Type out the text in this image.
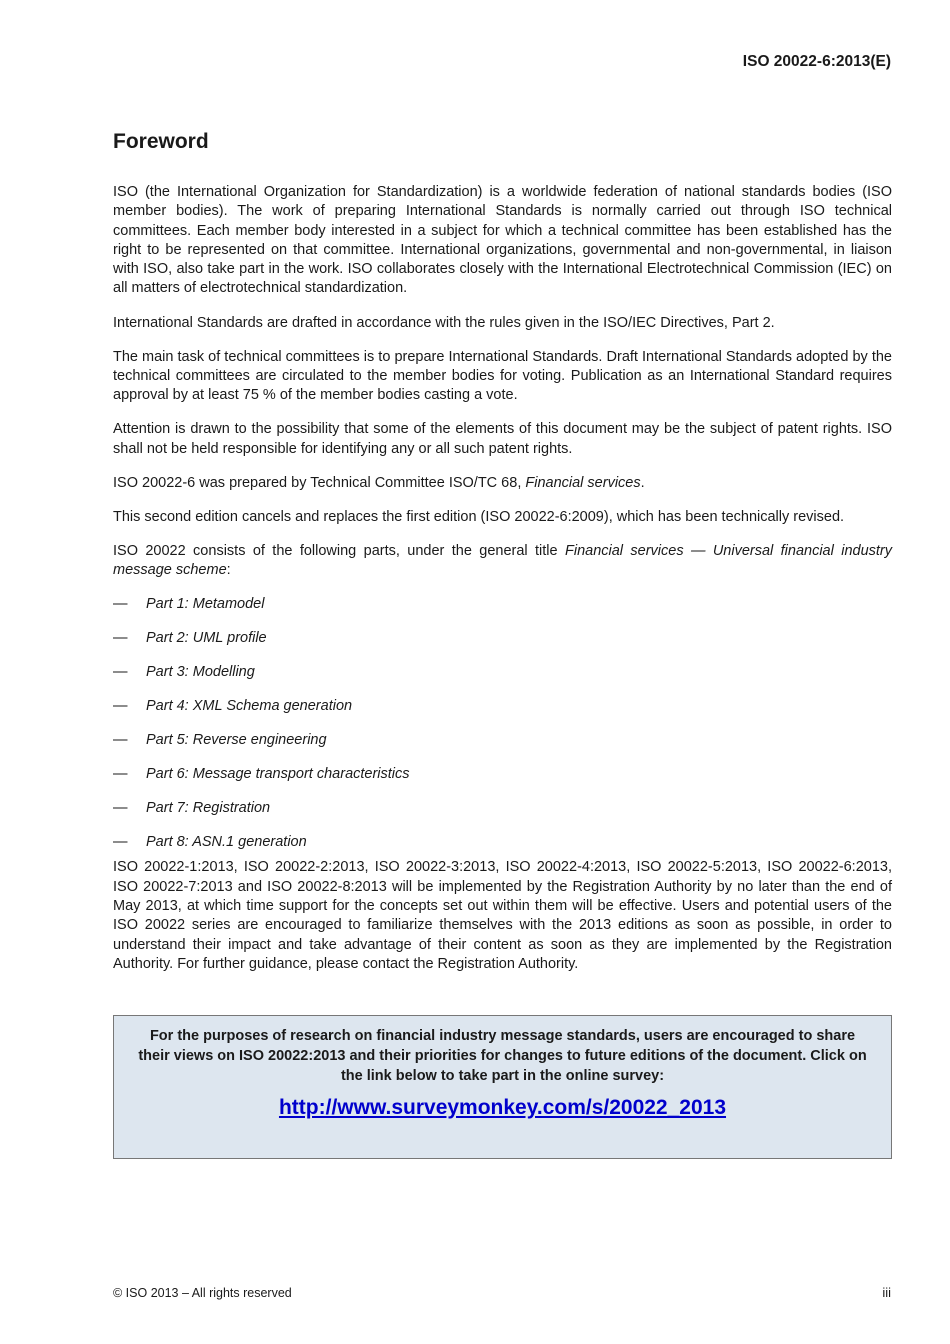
ISO 20022-6:2013(E)
Foreword

ISO (the International Organization for Standardization) is a worldwide federation of national standards bodies (ISO member bodies). The work of preparing International Standards is normally carried out through ISO technical committees. Each member body interested in a subject for which a technical committee has been established has the right to be represented on that committee. International organizations, governmental and non-governmental, in liaison with ISO, also take part in the work. ISO collaborates closely with the International Electrotechnical Commission (IEC) on all matters of electrotechnical standardization.

International Standards are drafted in accordance with the rules given in the ISO/IEC Directives, Part 2.

The main task of technical committees is to prepare International Standards. Draft International Standards adopted by the technical committees are circulated to the member bodies for voting. Publication as an International Standard requires approval by at least 75 % of the member bodies casting a vote.

Attention is drawn to the possibility that some of the elements of this document may be the subject of patent rights. ISO shall not be held responsible for identifying any or all such patent rights.

ISO 20022-6 was prepared by Technical Committee ISO/TC 68, Financial services.

This second edition cancels and replaces the first edition (ISO 20022-6:2009), which has been technically revised.

ISO 20022 consists of the following parts, under the general title Financial services — Universal financial industry message scheme:

—	Part 1: Metamodel
—	Part 2: UML profile
—	Part 3: Modelling
—	Part 4: XML Schema generation
—	Part 5: Reverse engineering
—	Part 6: Message transport characteristics
—	Part 7: Registration
—	Part 8: ASN.1 generation

ISO 20022-1:2013, ISO 20022-2:2013, ISO 20022-3:2013, ISO 20022-4:2013, ISO 20022-5:2013, ISO 20022-6:2013, ISO 20022-7:2013 and ISO 20022-8:2013 will be implemented by the Registration Authority by no later than the end of May 2013, at which time support for the concepts set out within them will be effective. Users and potential users of the ISO 20022 series are encouraged to familiarize themselves with the 2013 editions as soon as possible, in order to understand their impact and take advantage of their content as soon as they are implemented by the Registration Authority. For further guidance, please contact the Registration Authority.

For the purposes of research on financial industry message standards, users are encouraged to share their views on ISO 20022:2013 and their priorities for changes to future editions of the document. Click on the link below to take part in the online survey:
http://www.surveymonkey.com/s/20022_2013
© ISO 2013 – All rights reserved	iii
